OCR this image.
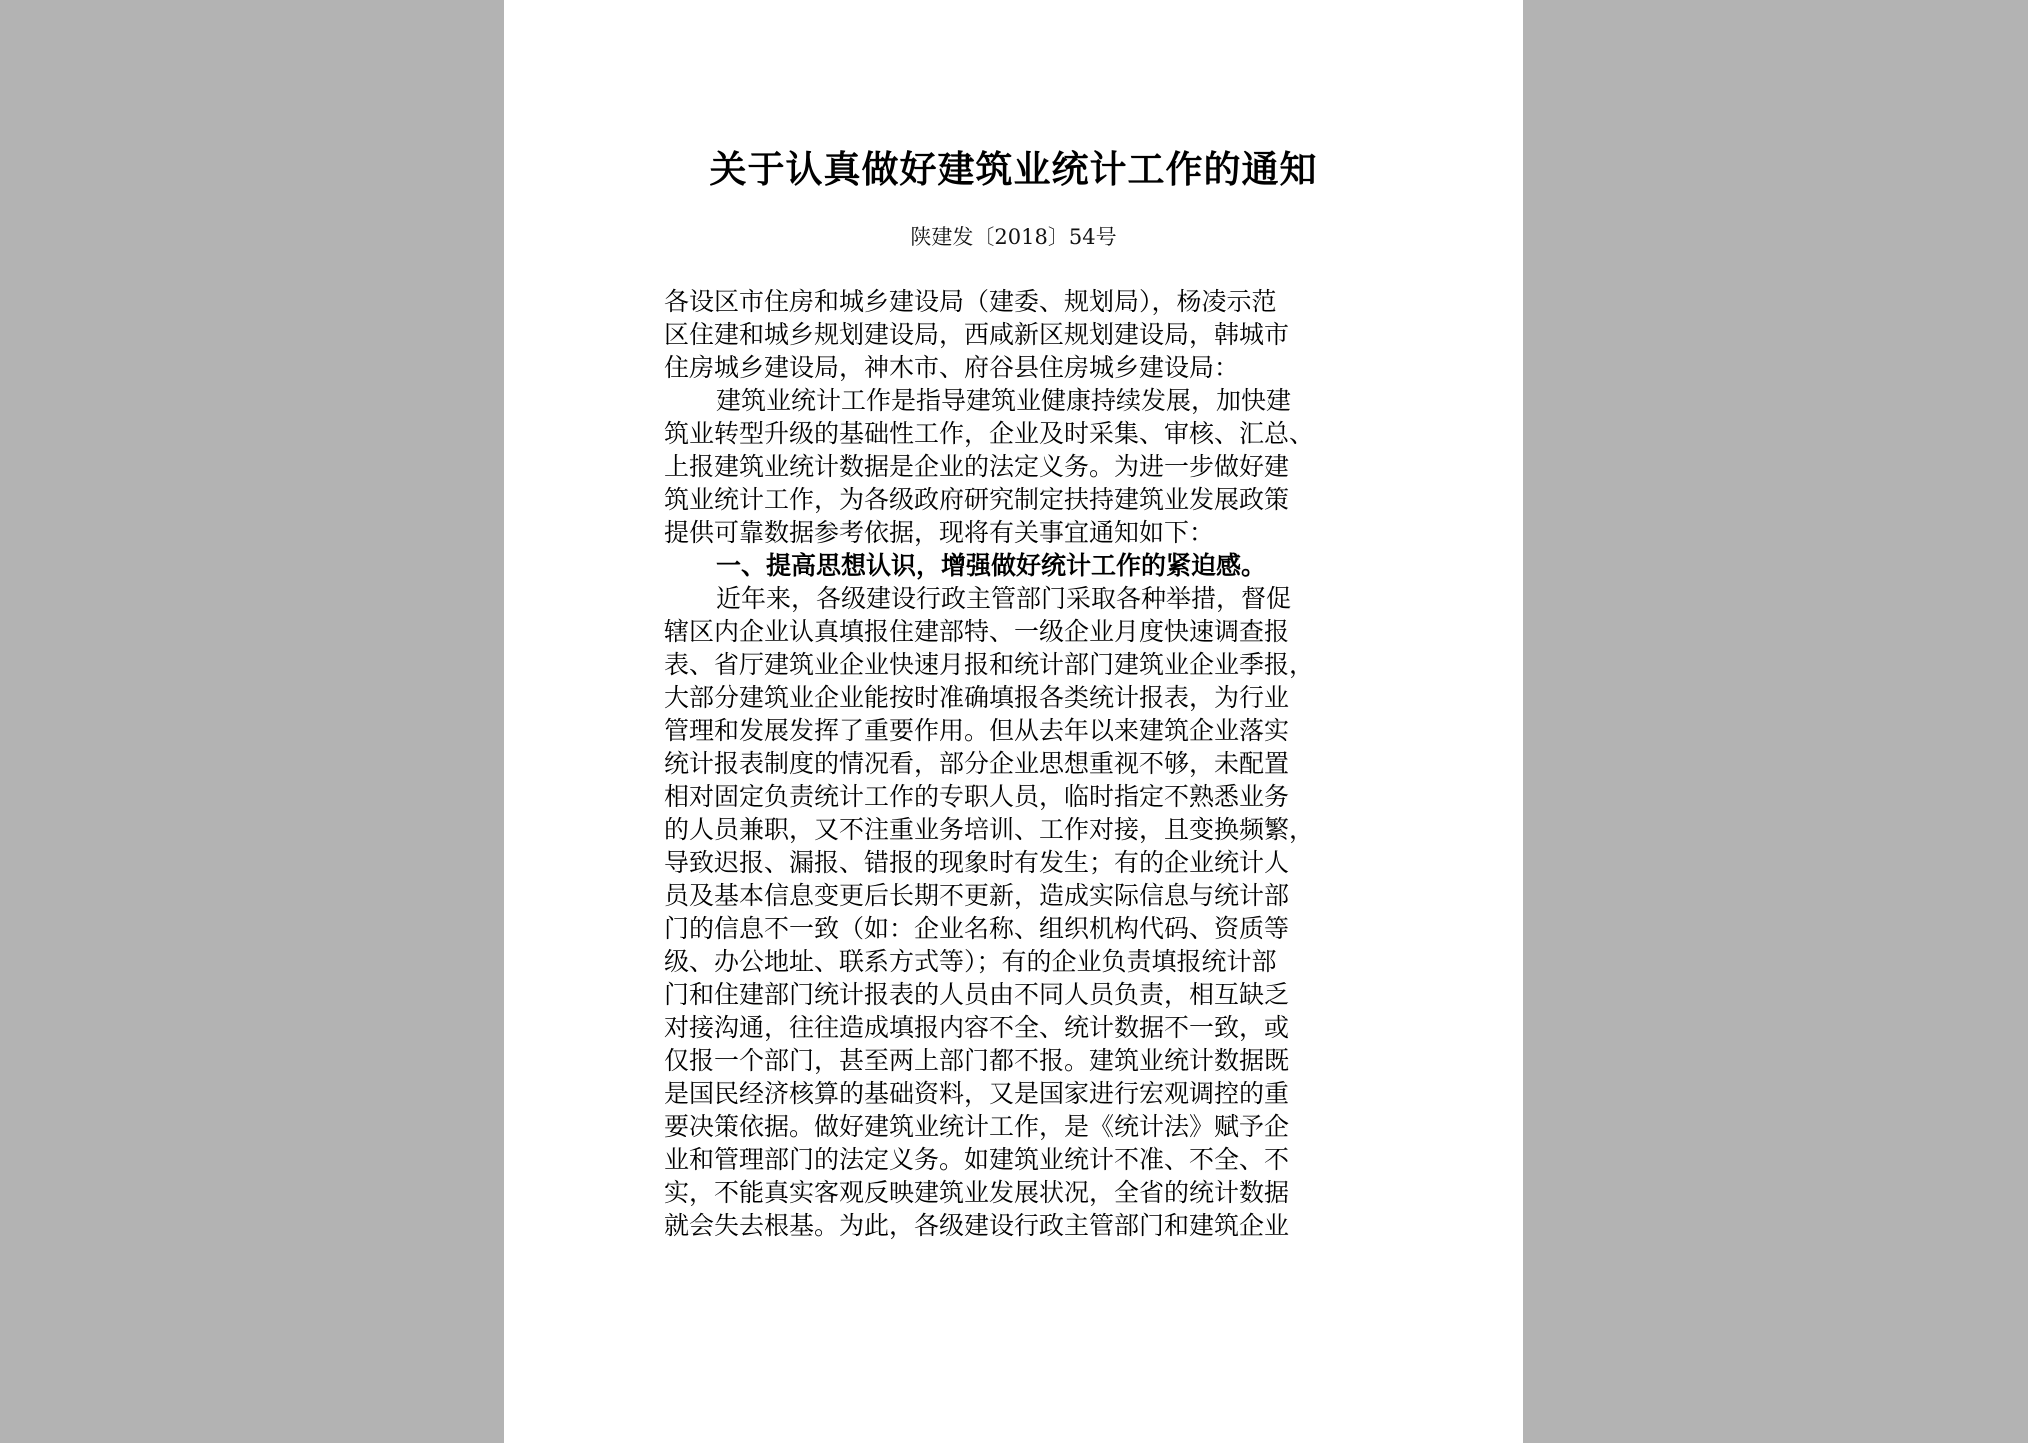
关于认真做好建筑业统计工作的通知
陕建发〔2018〕54号
各设区市住房和城乡建设局（建委、规划局），杨凌示范
区住建和城乡规划建设局，西咸新区规划建设局，韩城市
住房城乡建设局，神木市、府谷县住房城乡建设局：
建筑业统计工作是指导建筑业健康持续发展，加快建
筑业转型升级的基础性工作，企业及时采集、审核、汇总、
上报建筑业统计数据是企业的法定义务。为进一步做好建
筑业统计工作，为各级政府研究制定扶持建筑业发展政策
提供可靠数据参考依据，现将有关事宜通知如下：
一、提高思想认识，增强做好统计工作的紧迫感。
近年来，各级建设行政主管部门采取各种举措，督促
辖区内企业认真填报住建部特、一级企业月度快速调查报
表、省厅建筑业企业快速月报和统计部门建筑业企业季报，
大部分建筑业企业能按时准确填报各类统计报表，为行业
管理和发展发挥了重要作用。但从去年以来建筑企业落实
统计报表制度的情况看，部分企业思想重视不够，未配置
相对固定负责统计工作的专职人员，临时指定不熟悉业务
的人员兼职，又不注重业务培训、工作对接，且变换频繁，
导致迟报、漏报、错报的现象时有发生；有的企业统计人
员及基本信息变更后长期不更新，造成实际信息与统计部
门的信息不一致（如：企业名称、组织机构代码、资质等
级、办公地址、联系方式等）；有的企业负责填报统计部
门和住建部门统计报表的人员由不同人员负责，相互缺乏
对接沟通，往往造成填报内容不全、统计数据不一致，或
仅报一个部门，甚至两上部门都不报。建筑业统计数据既
是国民经济核算的基础资料，又是国家进行宏观调控的重
要决策依据。做好建筑业统计工作，是《统计法》赋予企
业和管理部门的法定义务。如建筑业统计不准、不全、不
实，不能真实客观反映建筑业发展状况，全省的统计数据
就会失去根基。为此，各级建设行政主管部门和建筑企业
